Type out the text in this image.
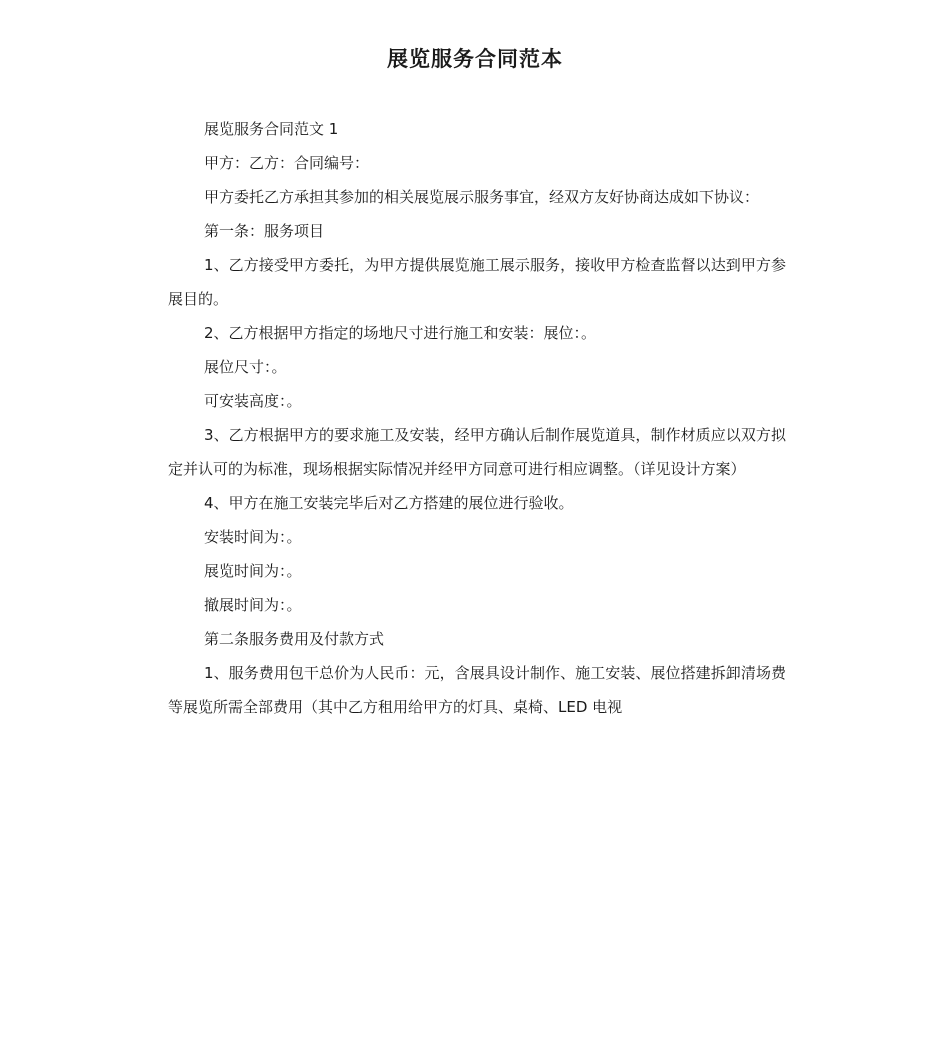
展览服务合同范本

展览服务合同范文 1

甲方：乙方：合同编号：

甲方委托乙方承担其参加的相关展览展示服务事宜，经双方友好协商达成如下协议：

第一条：服务项目

1、乙方接受甲方委托，为甲方提供展览施工展示服务，接收甲方检查监督以达到甲方参展目的。

2、乙方根据甲方指定的场地尺寸进行施工和安装：展位：。

展位尺寸：。

可安装高度：。

3、乙方根据甲方的要求施工及安装，经甲方确认后制作展览道具，制作材质应以双方拟定并认可的为标准，现场根据实际情况并经甲方同意可进行相应调整。（详见设计方案）

4、甲方在施工安装完毕后对乙方搭建的展位进行验收。

安装时间为：。

展览时间为：。

撤展时间为：。

第二条服务费用及付款方式

1、服务费用包干总价为人民币：元，含展具设计制作、施工安装、展位搭建拆卸清场费等展览所需全部费用（其中乙方租用给甲方的灯具、桌椅、LED 电视
